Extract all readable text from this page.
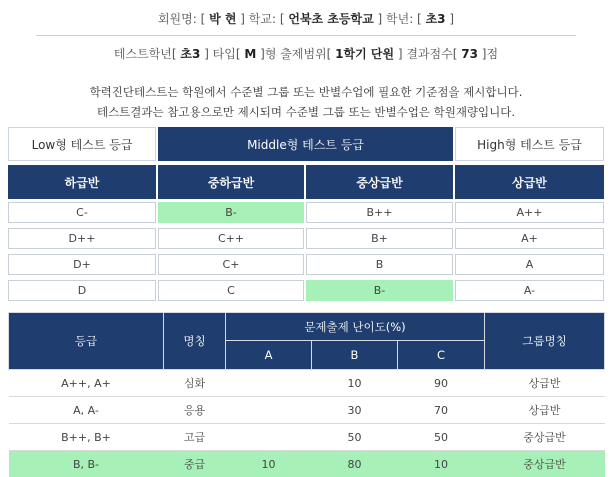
회원명: [ 박 현 ] 학교: [ 언북초 초등학교 ] 학년: [ 초3 ]
테스트학년[ 초3 ] 타입[ M ]형 출제범위[ 1학기 단원 ] 결과점수[ 73 ]점
학력진단테스트는 학원에서 수준별 그룹 또는 반별수업에 필요한 기준점을 제시합니다.
테스트결과는 참고용으로만 제시되며 수준별 그룹 또는 반별수업은 학원재량입니다.
Low형 테스트 등급	Middle형 테스트 등급	High형 테스트 등급
하급반	중하급반	중상급반	상급반
C-	B-	B++	A++
D++	C++	B+	A+
D+	C+	B	A
D	C	B-	A-
등급	명칭	문제출제 난이도(%)			그룹명칭
		A	B	C	
A++, A+	심화		10	90	상급반
A, A-	응용		30	70	상급반
B++, B+	고급		50	50	중상급반
B, B-	중급	10	80	10	중상급반
